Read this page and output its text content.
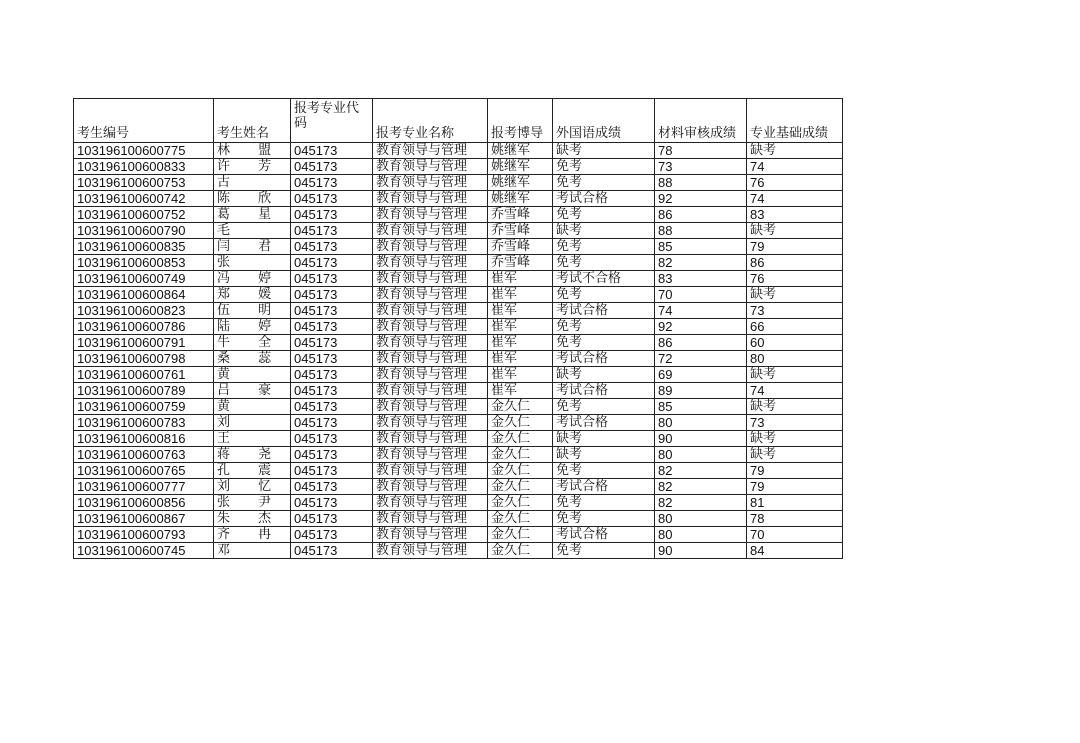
考生编号	考生姓名	报考专业代码	报考专业名称	报考博导	外国语成绩	材料审核成绩	专业基础成绩
103196100600775	林 盟	045173	教育领导与管理	姚继军	缺考	78	缺考
103196100600833	许 芳	045173	教育领导与管理	姚继军	免考	73	74
103196100600753	古	045173	教育领导与管理	姚继军	免考	88	76
103196100600742	陈 欣	045173	教育领导与管理	姚继军	考试合格	92	74
103196100600752	葛 星	045173	教育领导与管理	乔雪峰	免考	86	83
103196100600790	毛	045173	教育领导与管理	乔雪峰	缺考	88	缺考
103196100600835	闫 君	045173	教育领导与管理	乔雪峰	免考	85	79
103196100600853	张	045173	教育领导与管理	乔雪峰	免考	82	86
103196100600749	冯 婷	045173	教育领导与管理	崔军	考试不合格	83	76
103196100600864	郑 媛	045173	教育领导与管理	崔军	免考	70	缺考
103196100600823	伍 明	045173	教育领导与管理	崔军	考试合格	74	73
103196100600786	陆 婷	045173	教育领导与管理	崔军	免考	92	66
103196100600791	牛 全	045173	教育领导与管理	崔军	免考	86	60
103196100600798	桑 蕊	045173	教育领导与管理	崔军	考试合格	72	80
103196100600761	黄	045173	教育领导与管理	崔军	缺考	69	缺考
103196100600789	吕 豪	045173	教育领导与管理	崔军	考试合格	89	74
103196100600759	黄	045173	教育领导与管理	金久仁	免考	85	缺考
103196100600783	刘	045173	教育领导与管理	金久仁	考试合格	80	73
103196100600816	王	045173	教育领导与管理	金久仁	缺考	90	缺考
103196100600763	蒋 尧	045173	教育领导与管理	金久仁	缺考	80	缺考
103196100600765	孔 震	045173	教育领导与管理	金久仁	免考	82	79
103196100600777	刘 忆	045173	教育领导与管理	金久仁	考试合格	82	79
103196100600856	张 尹	045173	教育领导与管理	金久仁	免考	82	81
103196100600867	朱 杰	045173	教育领导与管理	金久仁	免考	80	78
103196100600793	齐 冉	045173	教育领导与管理	金久仁	考试合格	80	70
103196100600745	邓	045173	教育领导与管理	金久仁	免考	90	84
